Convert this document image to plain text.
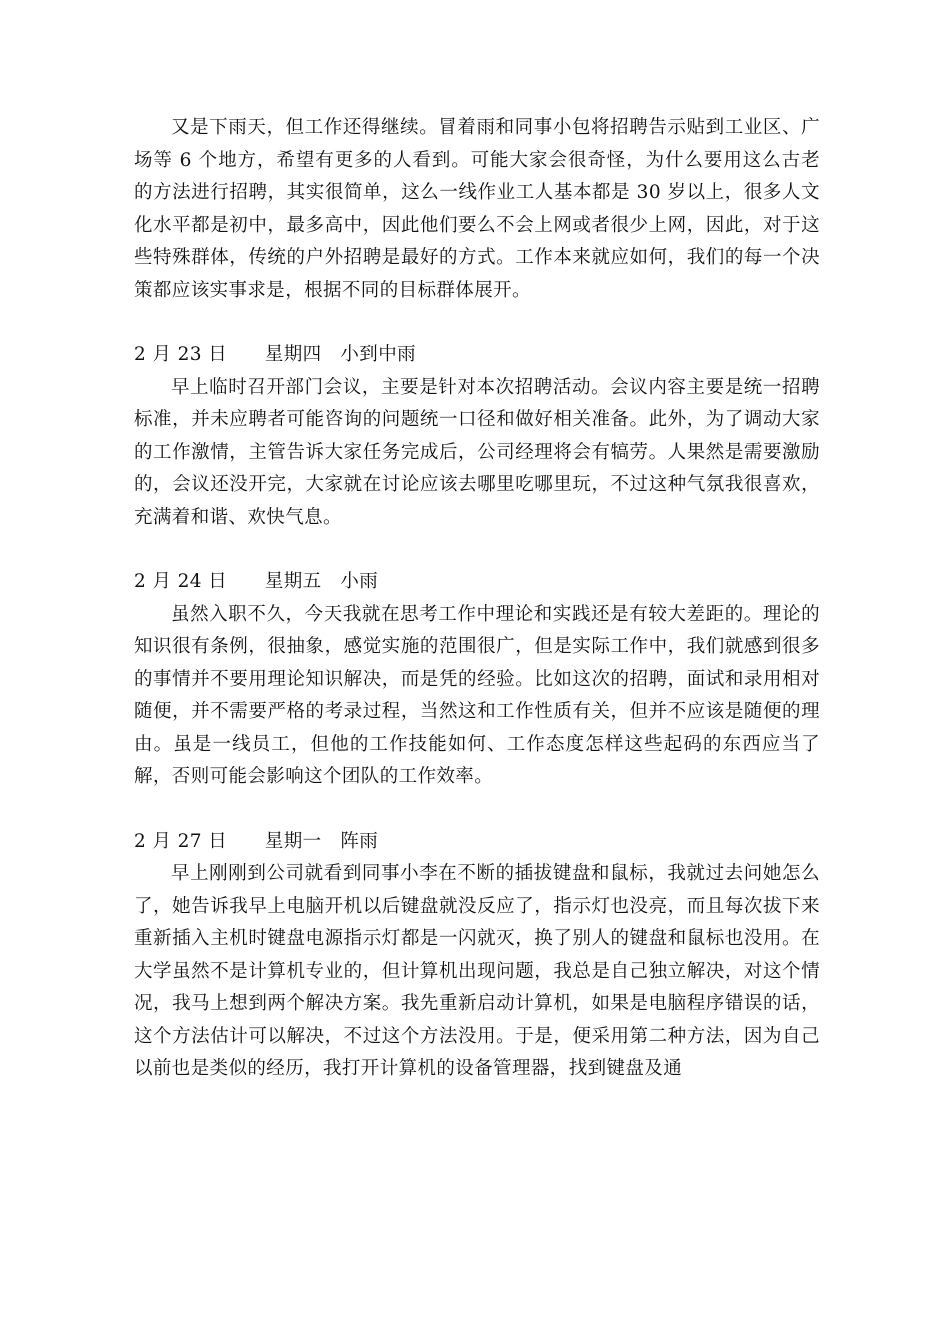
又是下雨天，但工作还得继续。冒着雨和同事小包将招聘告示贴到工业区、广场等 6 个地方，希望有更多的人看到。可能大家会很奇怪，为什么要用这么古老的方法进行招聘，其实很简单，这么一线作业工人基本都是 30 岁以上，很多人文化水平都是初中，最多高中，因此他们要么不会上网或者很少上网，因此，对于这些特殊群体，传统的户外招聘是最好的方式。工作本来就应如何，我们的每一个决策都应该实事求是，根据不同的目标群体展开。

2 月 23 日 星期四 小到中雨

早上临时召开部门会议，主要是针对本次招聘活动。会议内容主要是统一招聘标准，并未应聘者可能咨询的问题统一口径和做好相关准备。此外，为了调动大家的工作激情，主管告诉大家任务完成后，公司经理将会有犒劳。人果然是需要激励的，会议还没开完，大家就在讨论应该去哪里吃哪里玩，不过这种气氛我很喜欢，充满着和谐、欢快气息。

2 月 24 日 星期五 小雨

虽然入职不久，今天我就在思考工作中理论和实践还是有较大差距的。理论的知识很有条例，很抽象，感觉实施的范围很广，但是实际工作中，我们就感到很多的事情并不要用理论知识解决，而是凭的经验。比如这次的招聘，面试和录用相对随便，并不需要严格的考录过程，当然这和工作性质有关，但并不应该是随便的理由。虽是一线员工，但他的工作技能如何、工作态度怎样这些起码的东西应当了解，否则可能会影响这个团队的工作效率。

2 月 27 日 星期一 阵雨

早上刚刚到公司就看到同事小李在不断的插拔键盘和鼠标，我就过去问她怎么了，她告诉我早上电脑开机以后键盘就没反应了，指示灯也没亮，而且每次拔下来重新插入主机时键盘电源指示灯都是一闪就灭，换了别人的键盘和鼠标也没用。在大学虽然不是计算机专业的，但计算机出现问题，我总是自己独立解决，对这个情况，我马上想到两个解决方案。我先重新启动计算机，如果是电脑程序错误的话，这个方法估计可以解决，不过这个方法没用。于是，便采用第二种方法，因为自己以前也是类似的经历，我打开计算机的设备管理器，找到键盘及通
